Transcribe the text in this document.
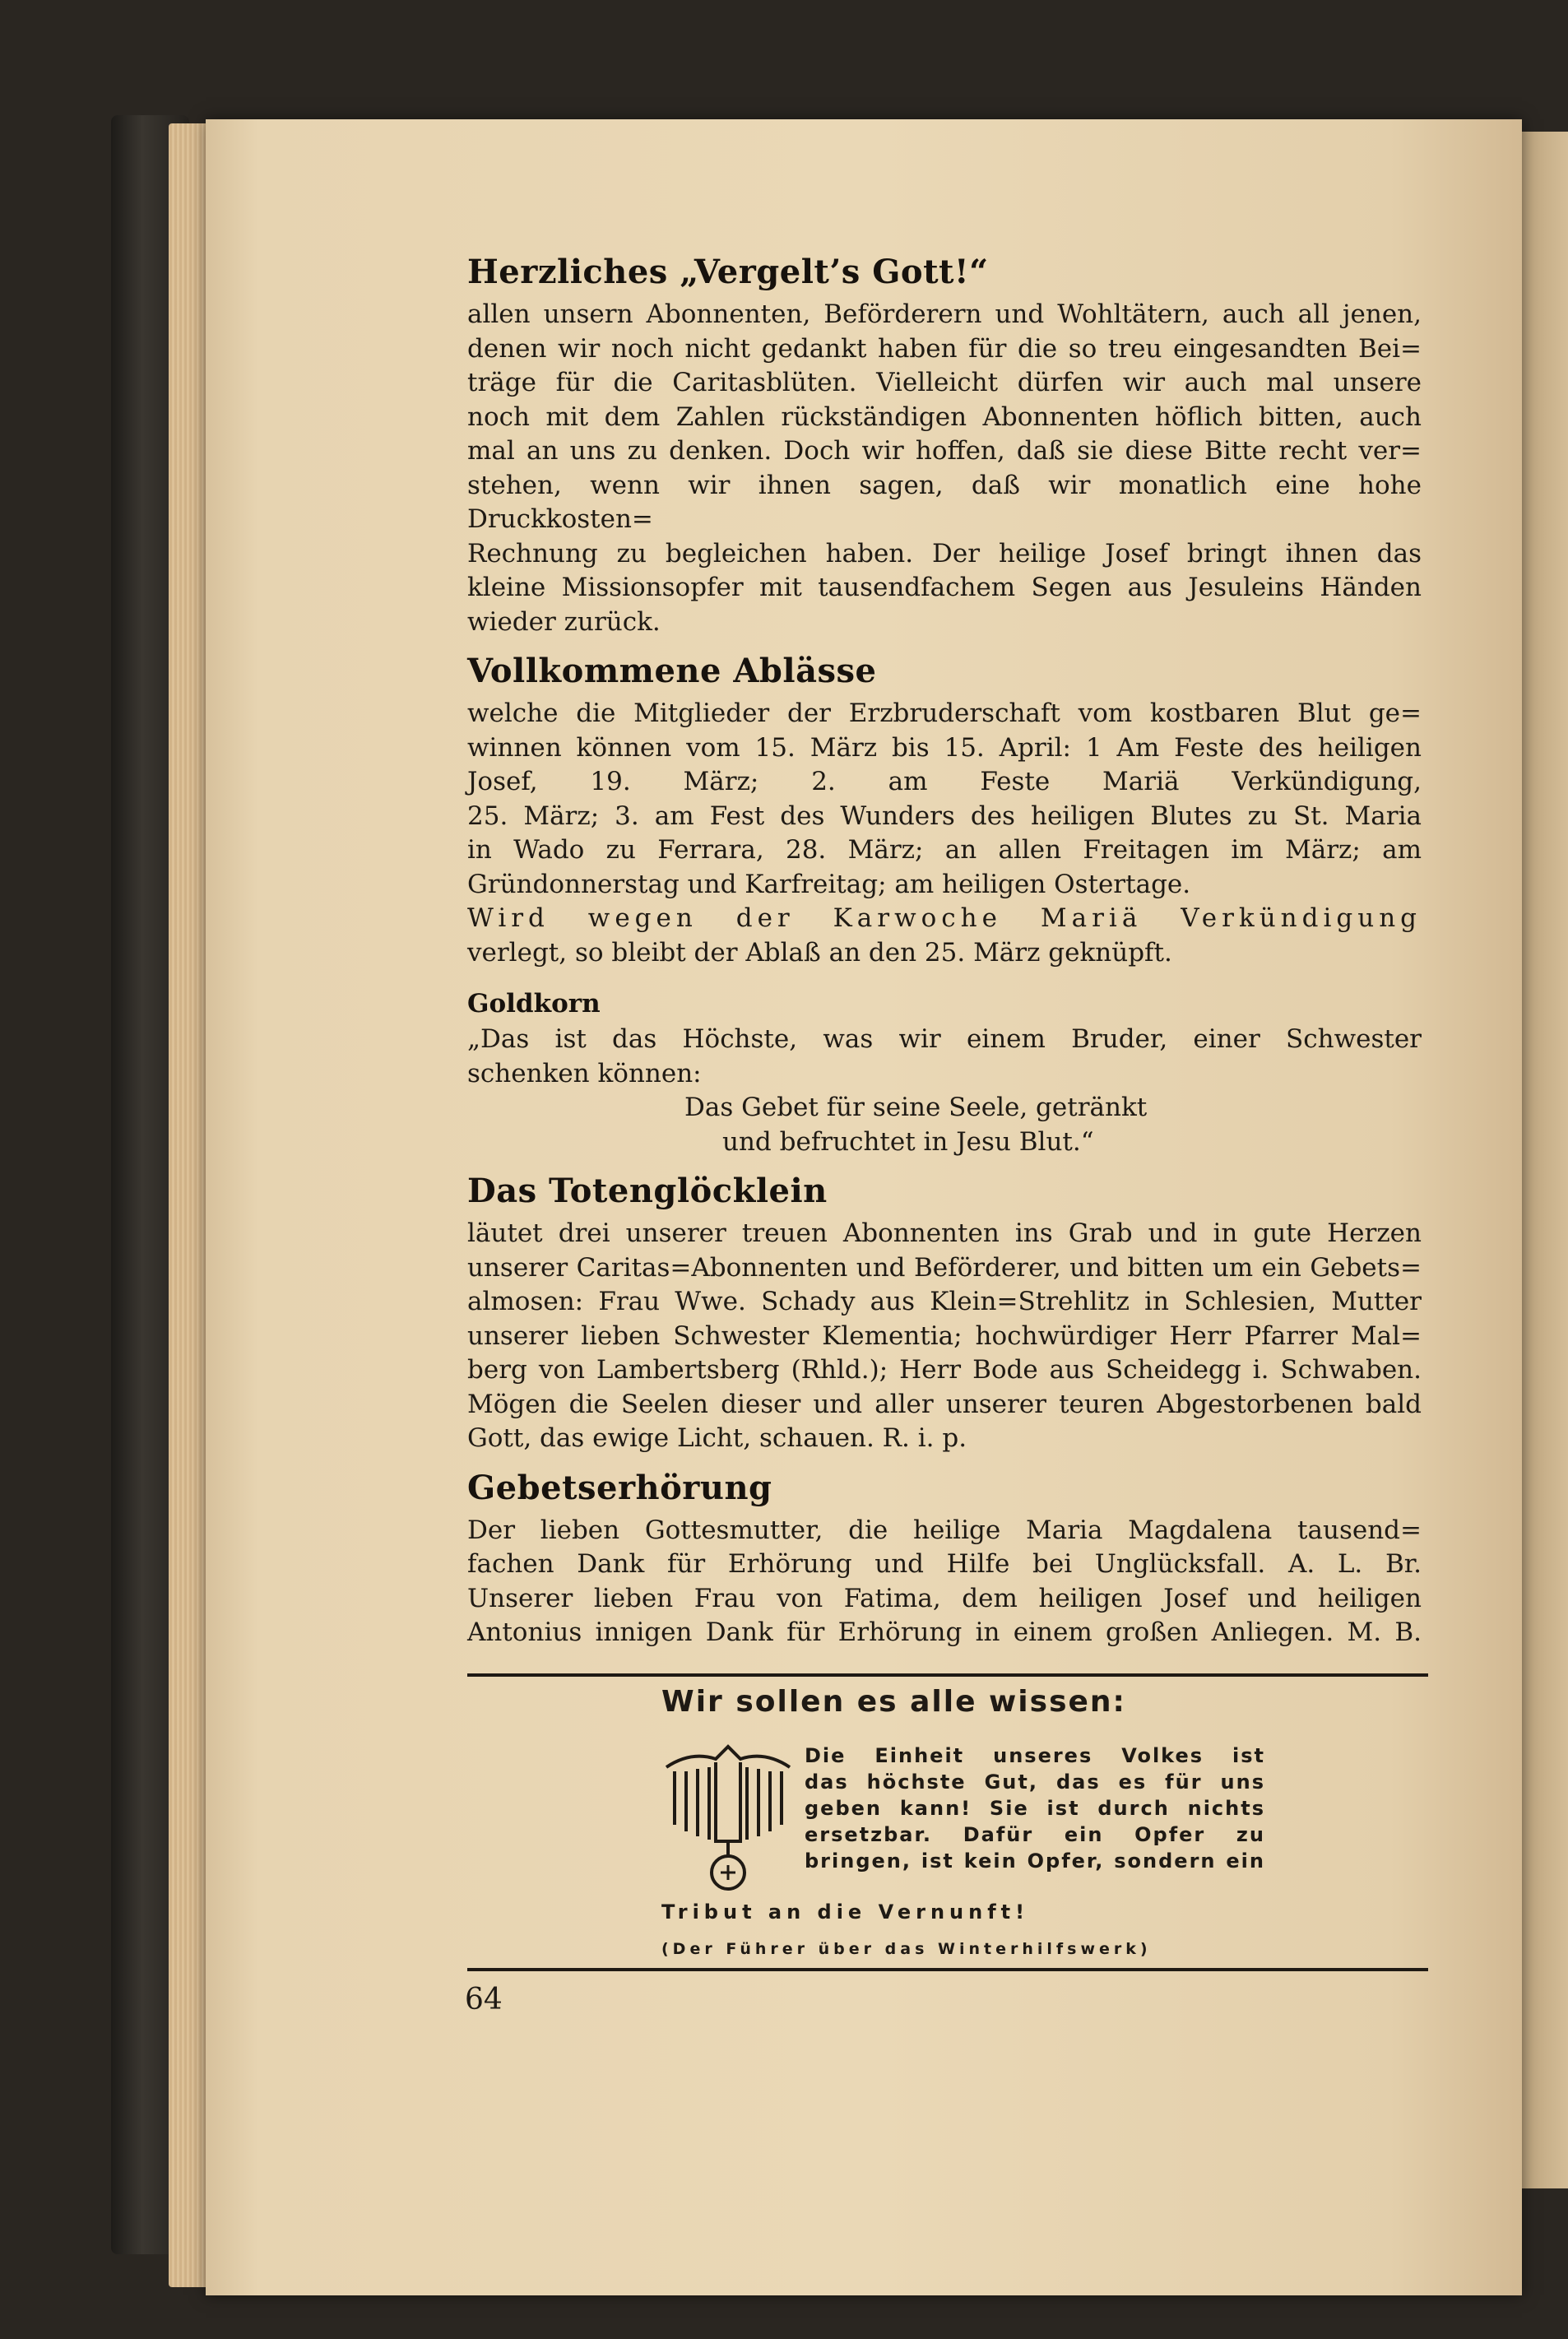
Herzliches „Vergelt’s Gott!“

allen unsern Abonnenten, Beförderern und Wohltätern, auch all jenen,

denen wir noch nicht gedankt haben für die so treu eingesandten Bei=

träge für die Caritasblüten. Vielleicht dürfen wir auch mal unsere

noch mit dem Zahlen rückständigen Abonnenten höflich bitten, auch

mal an uns zu denken. Doch wir hoffen, daß sie diese Bitte recht ver=

stehen, wenn wir ihnen sagen, daß wir monatlich eine hohe Druckkosten=

Rechnung zu begleichen haben. Der heilige Josef bringt ihnen das

kleine Missionsopfer mit tausendfachem Segen aus Jesuleins Händen

wieder zurück.

Vollkommene Ablässe

welche die Mitglieder der Erzbruderschaft vom kostbaren Blut ge=

winnen können vom 15. März bis 15. April: 1 Am Feste des heiligen

Josef, 19. März; 2. am Feste Mariä Verkündigung,

25. März; 3. am Fest des Wunders des heiligen Blutes zu St. Maria

in Wado zu Ferrara, 28. März; an allen Freitagen im März; am

Gründonnerstag und Karfreitag; am heiligen Ostertage.

Wird wegen der Karwoche Mariä Verkündigung

verlegt, so bleibt der Ablaß an den 25. März geknüpft.

Goldkorn

„Das ist das Höchste, was wir einem Bruder, einer Schwester

schenken können:

Das Gebet für seine Seele, getränkt

und befruchtet in Jesu Blut.“

Das Totenglöcklein

läutet drei unserer treuen Abonnenten ins Grab und in gute Herzen

unserer Caritas=Abonnenten und Beförderer, und bitten um ein Gebets=

almosen: Frau Wwe. Schady aus Klein=Strehlitz in Schlesien, Mutter

unserer lieben Schwester Klementia; hochwürdiger Herr Pfarrer Mal=

berg von Lambertsberg (Rhld.); Herr Bode aus Scheidegg i. Schwaben.

Mögen die Seelen dieser und aller unserer teuren Abgestorbenen bald

Gott, das ewige Licht, schauen. R. i. p.

Gebetserhörung

Der lieben Gottesmutter, die heilige Maria Magdalena tausend=

fachen Dank für Erhörung und Hilfe bei Unglücksfall. A. L. Br.

Unserer lieben Frau von Fatima, dem heiligen Josef und heiligen

Antonius innigen Dank für Erhörung in einem großen Anliegen. M. B.

Wir sollen es alle wissen:
Die Einheit unseres Volkes ist
das höchste Gut, das es für uns
geben kann! Sie ist durch nichts
ersetzbar. Dafür ein Opfer zu
bringen, ist kein Opfer, sondern ein
Tribut an die Vernunft!
(Der Führer über das Winterhilfswerk)
64
